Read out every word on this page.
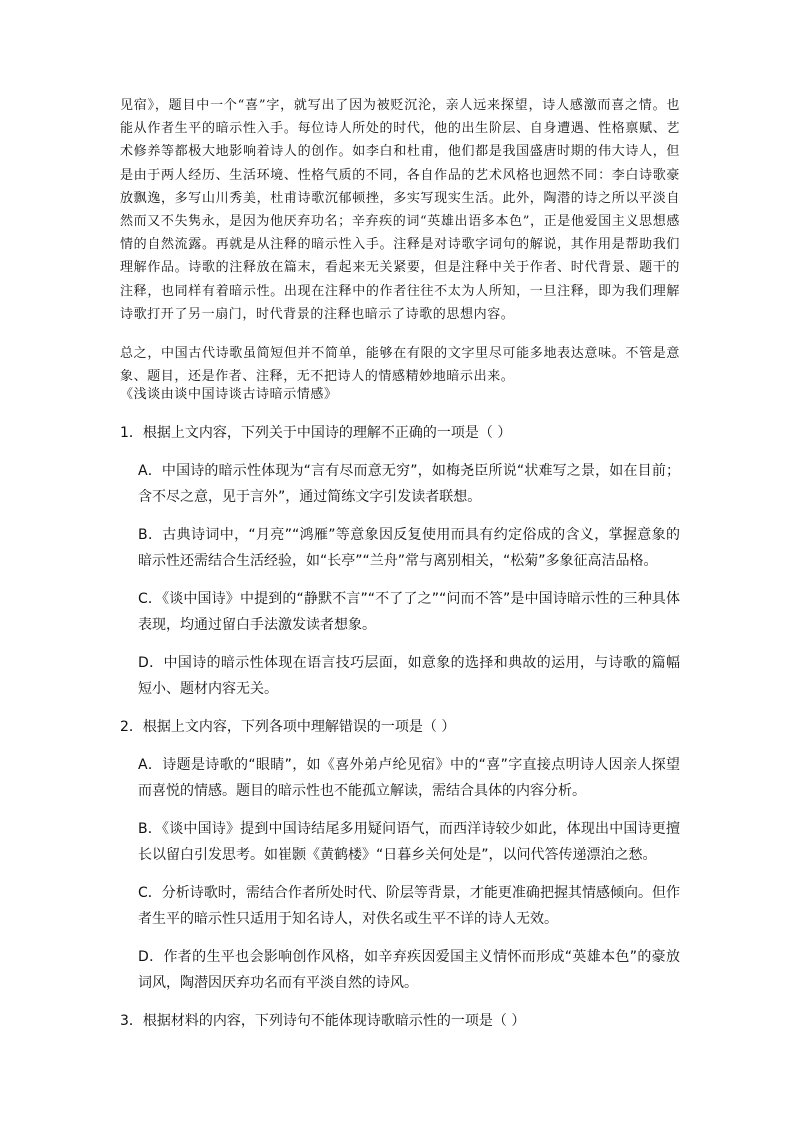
见宿》，题目中一个“喜”字，就写出了因为被贬沉沦，亲人远来探望，诗人感激而喜之情。也能从作者生平的暗示性入手。每位诗人所处的时代，他的出生阶层、自身遭遇、性格禀赋、艺术修养等都极大地影响着诗人的创作。如李白和杜甫，他们都是我国盛唐时期的伟大诗人，但是由于两人经历、生活环境、性格气质的不同，各自作品的艺术风格也迥然不同：李白诗歌豪放飘逸，多写山川秀美，杜甫诗歌沉郁顿挫，多实写现实生活。此外，陶潜的诗之所以平淡自然而又不失隽永，是因为他厌弃功名；辛弃疾的词“英雄出语多本色”，正是他爱国主义思想感情的自然流露。再就是从注释的暗示性入手。注释是对诗歌字词句的解说，其作用是帮助我们理解作品。诗歌的注释放在篇末，看起来无关紧要，但是注释中关于作者、时代背景、题干的注释，也同样有着暗示性。出现在注释中的作者往往不太为人所知，一旦注释，即为我们理解诗歌打开了另一扇门，时代背景的注释也暗示了诗歌的思想内容。

总之，中国古代诗歌虽简短但并不简单，能够在有限的文字里尽可能多地表达意味。不管是意象、题目，还是作者、注释，无不把诗人的情感精妙地暗示出来。

《浅谈由谈中国诗谈古诗暗示情感》

1．根据上文内容，下列关于中国诗的理解不正确的一项是（ ）

A．中国诗的暗示性体现为“言有尽而意无穷”，如梅尧臣所说“状难写之景，如在目前；含不尽之意，见于言外”，通过简练文字引发读者联想。

B．古典诗词中，“月亮”“鸿雁”等意象因反复使用而具有约定俗成的含义，掌握意象的暗示性还需结合生活经验，如“长亭”“兰舟”常与离别相关，“松菊”多象征高洁品格。

C．《谈中国诗》中提到的“静默不言”“不了了之”“问而不答”是中国诗暗示性的三种具体表现，均通过留白手法激发读者想象。

D．中国诗的暗示性体现在语言技巧层面，如意象的选择和典故的运用，与诗歌的篇幅短小、题材内容无关。

2．根据上文内容，下列各项中理解错误的一项是（ ）

A．诗题是诗歌的“眼睛”，如《喜外弟卢纶见宿》中的“喜”字直接点明诗人因亲人探望而喜悦的情感。题目的暗示性也不能孤立解读，需结合具体的内容分析。

B．《谈中国诗》提到中国诗结尾多用疑问语气，而西洋诗较少如此，体现出中国诗更擅长以留白引发思考。如崔颢《黄鹤楼》“日暮乡关何处是”，以问代答传递漂泊之愁。

C．分析诗歌时，需结合作者所处时代、阶层等背景，才能更准确把握其情感倾向。但作者生平的暗示性只适用于知名诗人，对佚名或生平不详的诗人无效。

D．作者的生平也会影响创作风格，如辛弃疾因爱国主义情怀而形成“英雄本色”的豪放词风，陶潜因厌弃功名而有平淡自然的诗风。

3．根据材料的内容，下列诗句不能体现诗歌暗示性的一项是（ ）
